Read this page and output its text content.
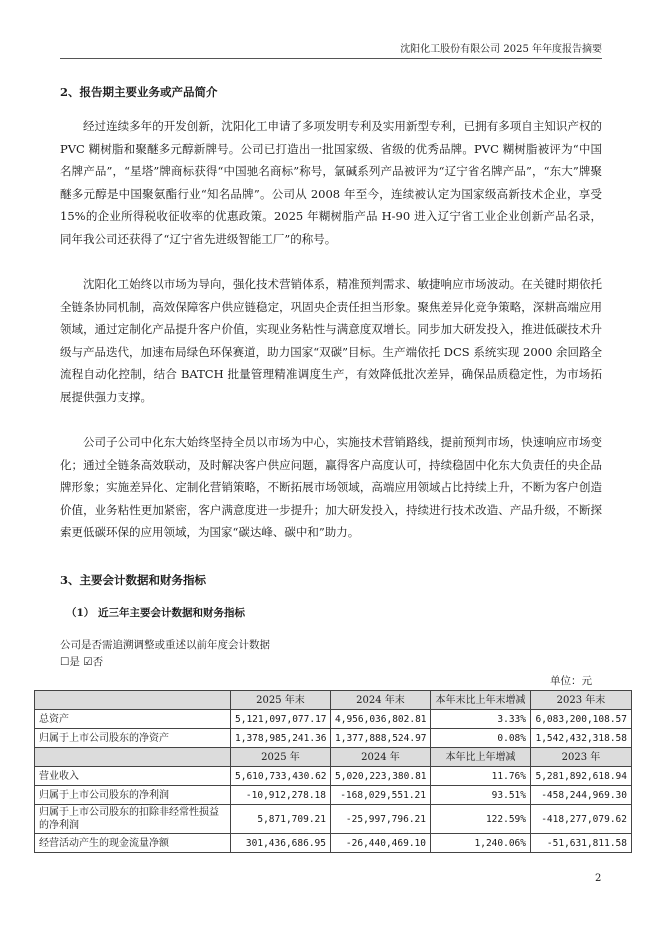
沈阳化工股份有限公司 2025 年年度报告摘要
2、报告期主要业务或产品简介

经过连续多年的开发创新，沈阳化工申请了多项发明专利及实用新型专利，已拥有多项自主知识产权的 PVC 糊树脂和聚醚多元醇新牌号。公司已打造出一批国家级、省级的优秀品牌。PVC 糊树脂被评为“中国名牌产品”，“星塔”牌商标获得“中国驰名商标”称号，氯碱系列产品被评为“辽宁省名牌产品”，“东大”牌聚醚多元醇是中国聚氨酯行业“知名品牌”。公司从 2008 年至今，连续被认定为国家级高新技术企业，享受 15%的企业所得税收征收率的优惠政策。2025 年糊树脂产品 H-90 进入辽宁省工业企业创新产品名录，同年我公司还获得了“辽宁省先进级智能工厂”的称号。

沈阳化工始终以市场为导向，强化技术营销体系，精准预判需求、敏捷响应市场波动。在关键时期依托全链条协同机制，高效保障客户供应链稳定，巩固央企责任担当形象。聚焦差异化竞争策略，深耕高端应用领域，通过定制化产品提升客户价值，实现业务粘性与满意度双增长。同步加大研发投入，推进低碳技术升级与产品迭代，加速布局绿色环保赛道，助力国家“双碳”目标。生产端依托 DCS 系统实现 2000 余回路全流程自动化控制，结合 BATCH 批量管理精准调度生产，有效降低批次差异，确保品质稳定性，为市场拓展提供强力支撑。

公司子公司中化东大始终坚持全员以市场为中心，实施技术营销路线，提前预判市场，快速响应市场变化；通过全链条高效联动，及时解决客户供应问题，赢得客户高度认可，持续稳固中化东大负责任的央企品牌形象；实施差异化、定制化营销策略，不断拓展市场领域，高端应用领域占比持续上升，不断为客户创造价值，业务粘性更加紧密，客户满意度进一步提升；加大研发投入，持续进行技术改造、产品升级，不断探索更低碳环保的应用领域，为国家“碳达峰、碳中和”助力。

3、主要会计数据和财务指标
（1） 近三年主要会计数据和财务指标
公司是否需追溯调整或重述以前年度会计数据
☐是 ☑否
单位：元
	2025 年末	2024 年末	本年末比上年末增减	2023 年末
总资产	5,121,097,077.17	4,956,036,802.81	3.33%	6,083,200,108.57
归属于上市公司股东的净资产	1,378,985,241.36	1,377,888,524.97	0.08%	1,542,432,318.58
	2025 年	2024 年	本年比上年增减	2023 年
营业收入	5,610,733,430.62	5,020,223,380.81	11.76%	5,281,892,618.94
归属于上市公司股东的净利润	-10,912,278.18	-168,029,551.21	93.51%	-458,244,969.30
归属于上市公司股东的扣除非经常性损益的净利润	5,871,709.21	-25,997,796.21	122.59%	-418,277,079.62
经营活动产生的现金流量净额	301,436,686.95	-26,440,469.10	1,240.06%	-51,631,811.58
2
